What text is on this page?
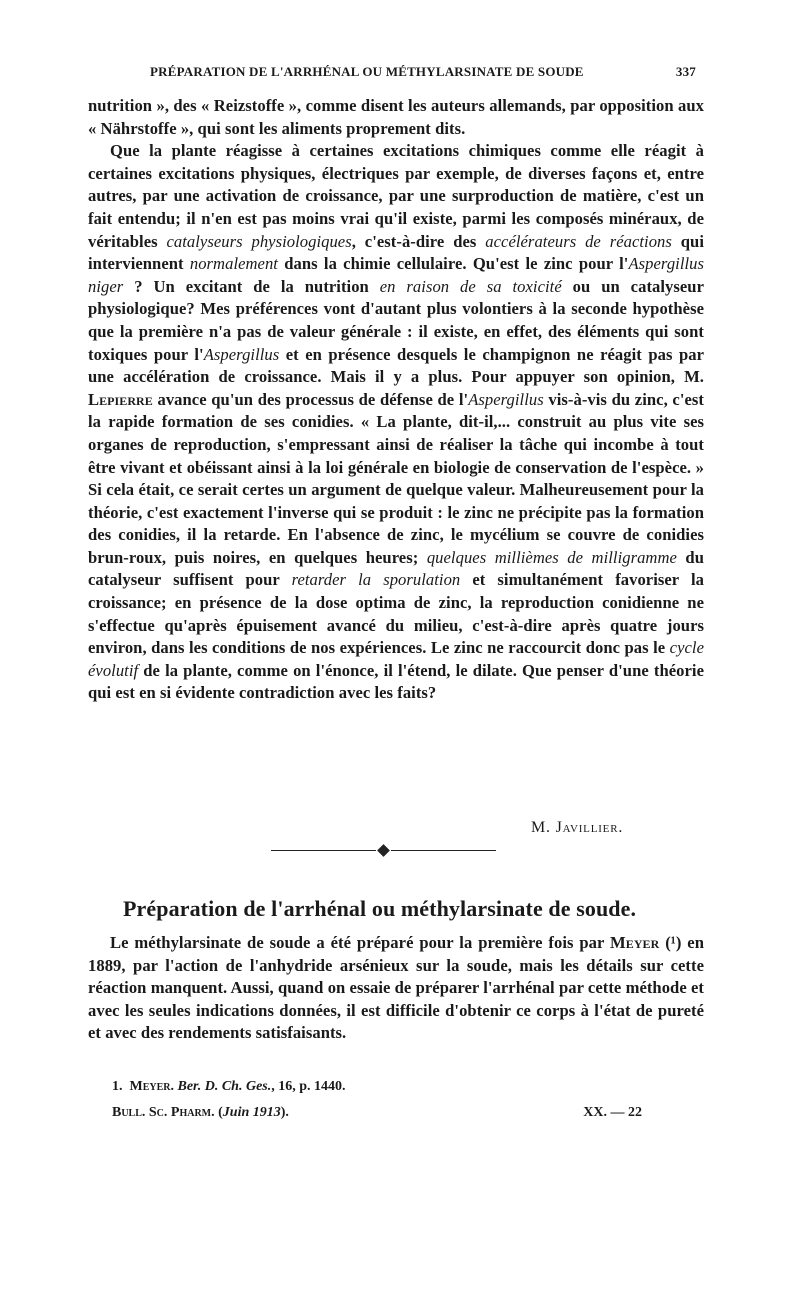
PRÉPARATION DE L'ARRHÉNAL OU MÉTHYLARSINATE DE SOUDE	337

nutrition », des « Reizstoffe », comme disent les auteurs allemands, par opposition aux « Nährstoffe », qui sont les aliments proprement dits.

Que la plante réagisse à certaines excitations chimiques comme elle réagit à certaines excitations physiques, électriques par exemple, de diverses façons et, entre autres, par une activation de croissance, par une surproduction de matière, c'est un fait entendu; il n'en est pas moins vrai qu'il existe, parmi les composés minéraux, de véritables catalyseurs physiologiques, c'est-à-dire des accélérateurs de réactions qui interviennent normalement dans la chimie cellulaire. Qu'est le zinc pour l'Aspergillus niger ? Un excitant de la nutrition en raison de sa toxicité ou un catalyseur physiologique? Mes préférences vont d'autant plus volontiers à la seconde hypothèse que la première n'a pas de valeur générale : il existe, en effet, des éléments qui sont toxiques pour l'Aspergillus et en présence desquels le champignon ne réagit pas par une accélération de croissance. Mais il y a plus. Pour appuyer son opinion, M. Lepierre avance qu'un des processus de défense de l'Aspergillus vis-à-vis du zinc, c'est la rapide formation de ses conidies. « La plante, dit-il,... construit au plus vite ses organes de reproduction, s'empressant ainsi de réaliser la tâche qui incombe à tout être vivant et obéissant ainsi à la loi générale en biologie de conservation de l'espèce. » Si cela était, ce serait certes un argument de quelque valeur. Malheureusement pour la théorie, c'est exactement l'inverse qui se produit : le zinc ne précipite pas la formation des conidies, il la retarde. En l'absence de zinc, le mycélium se couvre de conidies brun-roux, puis noires, en quelques heures; quelques millièmes de milligramme du catalyseur suffisent pour retarder la sporulation et simultanément favoriser la croissance; en présence de la dose optima de zinc, la reproduction conidienne ne s'effectue qu'après épuisement avancé du milieu, c'est-à-dire après quatre jours environ, dans les conditions de nos expériences. Le zinc ne raccourcit donc pas le cycle évolutif de la plante, comme on l'énonce, il l'étend, le dilate. Que penser d'une théorie qui est en si évidente contradiction avec les faits?

M. Javillier.
Préparation de l'arrhénal ou méthylarsinate de soude.

Le méthylarsinate de soude a été préparé pour la première fois par Meyer (¹) en 1889, par l'action de l'anhydride arsénieux sur la soude, mais les détails sur cette réaction manquent. Aussi, quand on essaie de préparer l'arrhénal par cette méthode et avec les seules indications données, il est difficile d'obtenir ce corps à l'état de pureté et avec des rendements satisfaisants.

1. Meyer. Ber. D. Ch. Ges., 16, p. 1440.
Bull. Sc. Pharm. (Juin 1913).	XX. — 22
